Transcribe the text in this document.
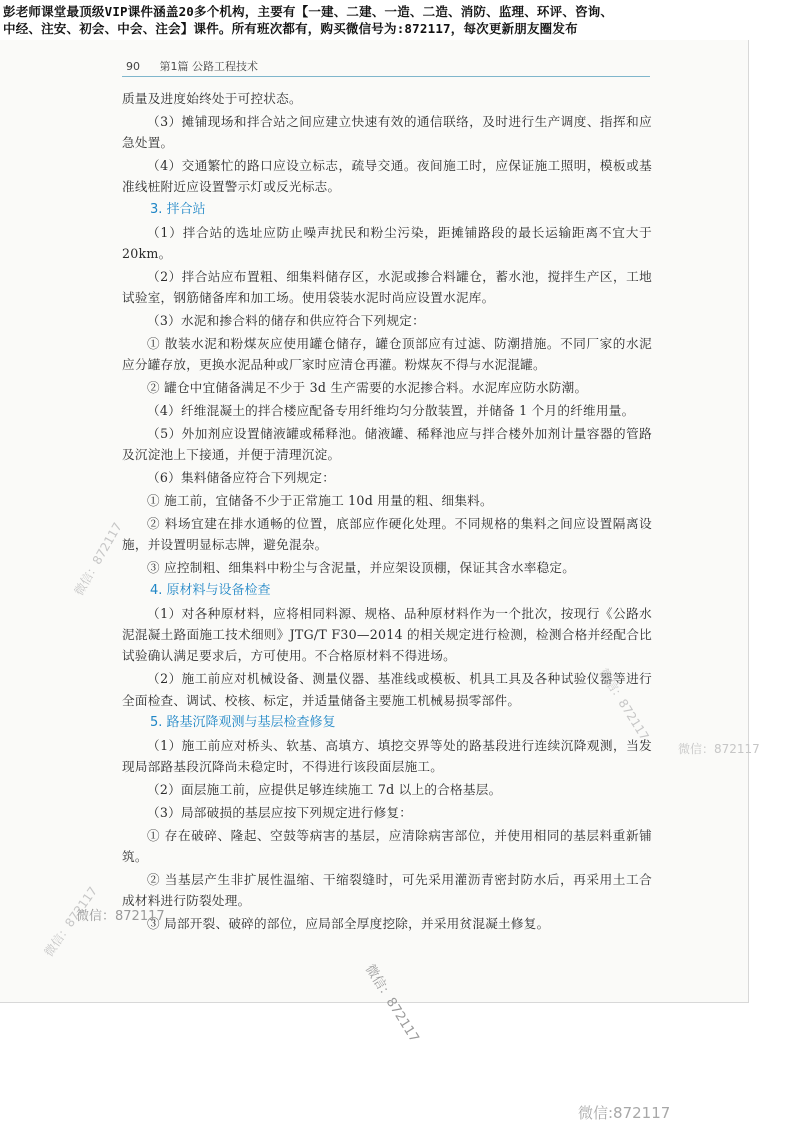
彭老师课堂最顶级VIP课件涵盖20多个机构，主要有【一建、二建、一造、二造、消防、监理、环评、咨询、
中经、注安、初会、中会、注会】课件。所有班次都有，购买微信号为:872117，每次更新朋友圈发布
90 第1篇 公路工程技术

质量及进度始终处于可控状态。

（3）摊铺现场和拌合站之间应建立快速有效的通信联络，及时进行生产调度、指挥和应急处置。

（4）交通繁忙的路口应设立标志，疏导交通。夜间施工时，应保证施工照明，模板或基准线桩附近应设置警示灯或反光标志。

3. 拌合站

（1）拌合站的选址应防止噪声扰民和粉尘污染，距摊铺路段的最长运输距离不宜大于 20km。

（2）拌合站应布置粗、细集料储存区，水泥或掺合料罐仓，蓄水池，搅拌生产区，工地试验室，钢筋储备库和加工场。使用袋装水泥时尚应设置水泥库。

（3）水泥和掺合料的储存和供应符合下列规定：

① 散装水泥和粉煤灰应使用罐仓储存，罐仓顶部应有过滤、防潮措施。不同厂家的水泥应分罐存放，更换水泥品种或厂家时应清仓再灌。粉煤灰不得与水泥混罐。

② 罐仓中宜储备满足不少于 3d 生产需要的水泥掺合料。水泥库应防水防潮。

（4）纤维混凝土的拌合楼应配备专用纤维均匀分散装置，并储备 1 个月的纤维用量。

（5）外加剂应设置储液罐或稀释池。储液罐、稀释池应与拌合楼外加剂计量容器的管路及沉淀池上下接通，并便于清理沉淀。

（6）集料储备应符合下列规定：

① 施工前，宜储备不少于正常施工 10d 用量的粗、细集料。

② 料场宜建在排水通畅的位置，底部应作硬化处理。不同规格的集料之间应设置隔离设施，并设置明显标志牌，避免混杂。

③ 应控制粗、细集料中粉尘与含泥量，并应架设顶棚，保证其含水率稳定。

4. 原材料与设备检查

（1）对各种原材料，应将相同料源、规格、品种原材料作为一个批次，按现行《公路水泥混凝土路面施工技术细则》JTG/T F30—2014 的相关规定进行检测，检测合格并经配合比试验确认满足要求后，方可使用。不合格原材料不得进场。

（2）施工前应对机械设备、测量仪器、基准线或模板、机具工具及各种试验仪器等进行全面检查、调试、校核、标定，并适量储备主要施工机械易损零部件。

5. 路基沉降观测与基层检查修复

（1）施工前应对桥头、软基、高填方、填挖交界等处的路基段进行连续沉降观测，当发现局部路基段沉降尚未稳定时，不得进行该段面层施工。

（2）面层施工前，应提供足够连续施工 7d 以上的合格基层。

（3）局部破损的基层应按下列规定进行修复：

① 存在破碎、隆起、空鼓等病害的基层，应清除病害部位，并使用相同的基层料重新铺筑。

② 当基层产生非扩展性温缩、干缩裂缝时，可先采用灌沥青密封防水后，再采用土工合成材料进行防裂处理。

③ 局部开裂、破碎的部位，应局部全厚度挖除，并采用贫混凝土修复。

微信：872117
微信：872117
微信：872117
微信：872117
微信：872117
微信：872117
微信:872117
